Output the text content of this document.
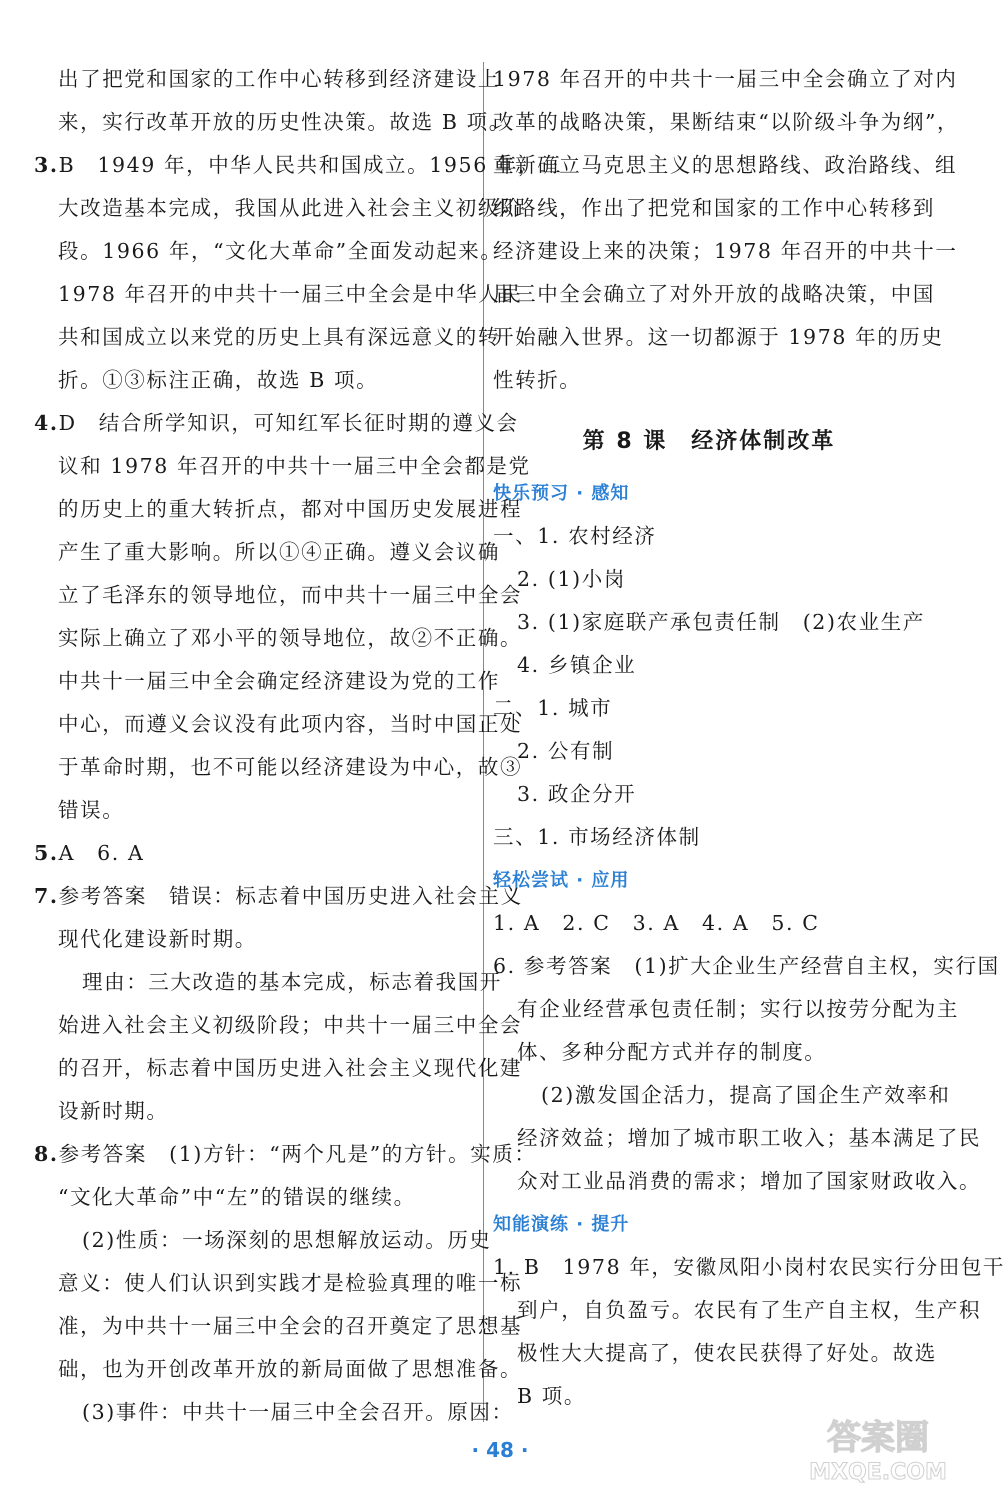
出了把党和国家的工作中心转移到经济建设上
来，实行改革开放的历史性决策。故选 B 项。
3.B　1949 年，中华人民共和国成立。1956 年，三
大改造基本完成，我国从此进入社会主义初级阶
段。1966 年，“文化大革命”全面发动起来。
1978 年召开的中共十一届三中全会是中华人民
共和国成立以来党的历史上具有深远意义的转
折。①③标注正确，故选 B 项。
4.D　结合所学知识，可知红军长征时期的遵义会
议和 1978 年召开的中共十一届三中全会都是党
的历史上的重大转折点，都对中国历史发展进程
产生了重大影响。所以①④正确。遵义会议确
立了毛泽东的领导地位，而中共十一届三中全会
实际上确立了邓小平的领导地位，故②不正确。
中共十一届三中全会确定经济建设为党的工作
中心，而遵义会议没有此项内容，当时中国正处
于革命时期，也不可能以经济建设为中心，故③
错误。
5.A　6. A
7.参考答案　错误：标志着中国历史进入社会主义
现代化建设新时期。
理由：三大改造的基本完成，标志着我国开
始进入社会主义初级阶段；中共十一届三中全会
的召开，标志着中国历史进入社会主义现代化建
设新时期。
8.参考答案　(1)方针：“两个凡是”的方针。实质：
“文化大革命”中“左”的错误的继续。
(2)性质：一场深刻的思想解放运动。历史
意义：使人们认识到实践才是检验真理的唯一标
准，为中共十一届三中全会的召开奠定了思想基
础，也为开创改革开放的新局面做了思想准备。
(3)事件：中共十一届三中全会召开。原因：
1978 年召开的中共十一届三中全会确立了对内
改革的战略决策，果断结束“以阶级斗争为纲”，
重新确立马克思主义的思想路线、政治路线、组
织路线，作出了把党和国家的工作中心转移到
经济建设上来的决策；1978 年召开的中共十一
届三中全会确立了对外开放的战略决策，中国
开始融入世界。这一切都源于 1978 年的历史
性转折。
第 8 课　经济体制改革
快乐预习 · 感知
一、1. 农村经济
2. (1)小岗
3. (1)家庭联产承包责任制　(2)农业生产
4. 乡镇企业
二、1. 城市
2. 公有制
3. 政企分开
三、1. 市场经济体制
轻松尝试 · 应用
1. A　2. C　3. A　4. A　5. C
6. 参考答案　(1)扩大企业生产经营自主权，实行国
有企业经营承包责任制；实行以按劳分配为主
体、多种分配方式并存的制度。
(2)激发国企活力，提高了国企生产效率和
经济效益；增加了城市职工收入；基本满足了民
众对工业品消费的需求；增加了国家财政收入。
知能演练 · 提升
1. B　1978 年，安徽凤阳小岗村农民实行分田包干
到户，自负盈亏。农民有了生产自主权，生产积
极性大大提高了，使农民获得了好处。故选
B 项。
· 48 ·	答案圈
MXQE.COM
